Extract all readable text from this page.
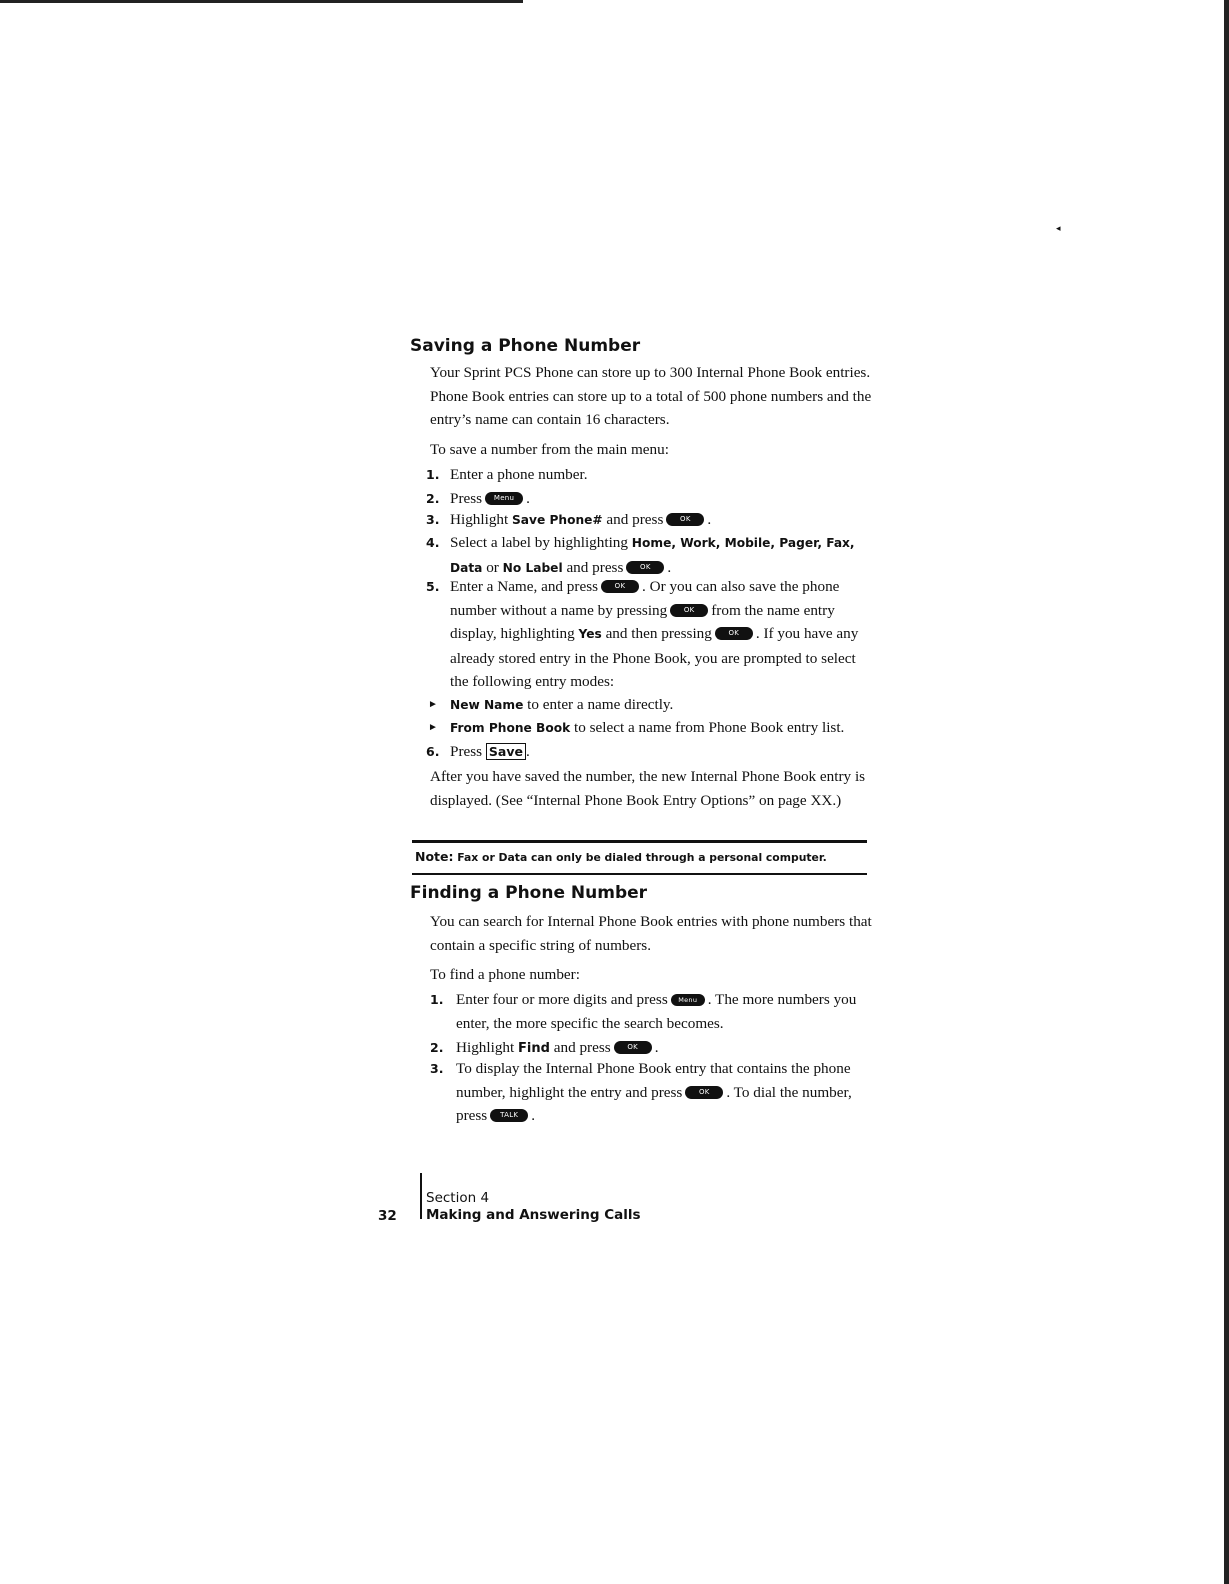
◂
Saving a Phone Number

Your Sprint PCS Phone can store up to 300 Internal Phone Book entries.
Phone Book entries can store up to a total of 500 phone numbers and the
entry’s name can contain 16 characters.

To save a number from the main menu:

1. Enter a phone number.
2. Press Menu .
3. Highlight Save Phone# and press OK .
4. Select a label by highlighting Home, Work, Mobile, Pager, Fax,
Data or No Label and press OK .
5. Enter a Name, and press OK . Or you can also save the phone
number without a name by pressing OK from the name entry
display, highlighting Yes and then pressing OK . If you have any
already stored entry in the Phone Book, you are prompted to select
the following entry modes:
► New Name to enter a name directly.
► From Phone Book to select a name from Phone Book entry list.
6. Press Save .

After you have saved the number, the new Internal Phone Book entry is
displayed. (See “Internal Phone Book Entry Options” on page XX.)

Note: Fax or Data can only be dialed through a personal computer.
Finding a Phone Number

You can search for Internal Phone Book entries with phone numbers that
contain a specific string of numbers.

To find a phone number:

1. Enter four or more digits and press Menu . The more numbers you
enter, the more specific the search becomes.
2. Highlight Find and press OK .
3. To display the Internal Phone Book entry that contains the phone
number, highlight the entry and press OK . To dial the number,
press TALK .
Section 4
Making and Answering Calls
32
